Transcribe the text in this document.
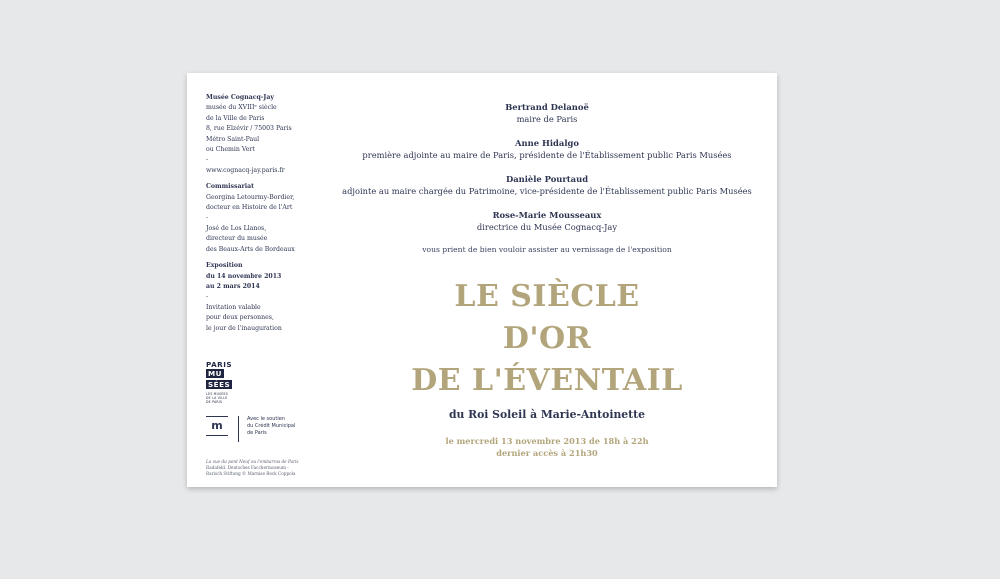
Musée Cognacq-Jay
musée du XVIIIᵉ siècle
de la Ville de Paris
8, rue Elzévir / 75003 Paris
Métro Saint-Paul
ou Chemin Vert
-
www.cognacq-jay.paris.fr
Commissariat
Georgina Letourmy-Bordier,
docteur en Histoire de l'Art
-
José de Los Llanos,
directeur du musée
des Beaux-Arts de Bordeaux
Exposition
du 14 novembre 2013
au 2 mars 2014
-
Invitation valable
pour deux personnes,
le jour de l'inauguration
PARIS
MU
SÉES
LES MUSÉES
DE LA VILLE
DE PARIS
m	Avec le soutien
du Crédit Municipal
de Paris
La vue du pont Neuf ou l'embarras de Paris
Radafeld, Deutsches Facchermuseum -
Barisch Stiftung © Marnise Beck Coppola
Bertrand Delanoë
maire de Paris
Anne Hidalgo
première adjointe au maire de Paris, présidente de l'Établissement public Paris Musées
Danièle Pourtaud
adjointe au maire chargée du Patrimoine, vice-présidente de l'Établissement public Paris Musées
Rose-Marie Mousseaux
directrice du Musée Cognacq-Jay
vous prient de bien vouloir assister au vernissage de l'exposition
LE SIÈCLE
D'OR
DE L'ÉVENTAIL
du Roi Soleil à Marie-Antoinette
le mercredi 13 novembre 2013 de 18h à 22h
dernier accès à 21h30
